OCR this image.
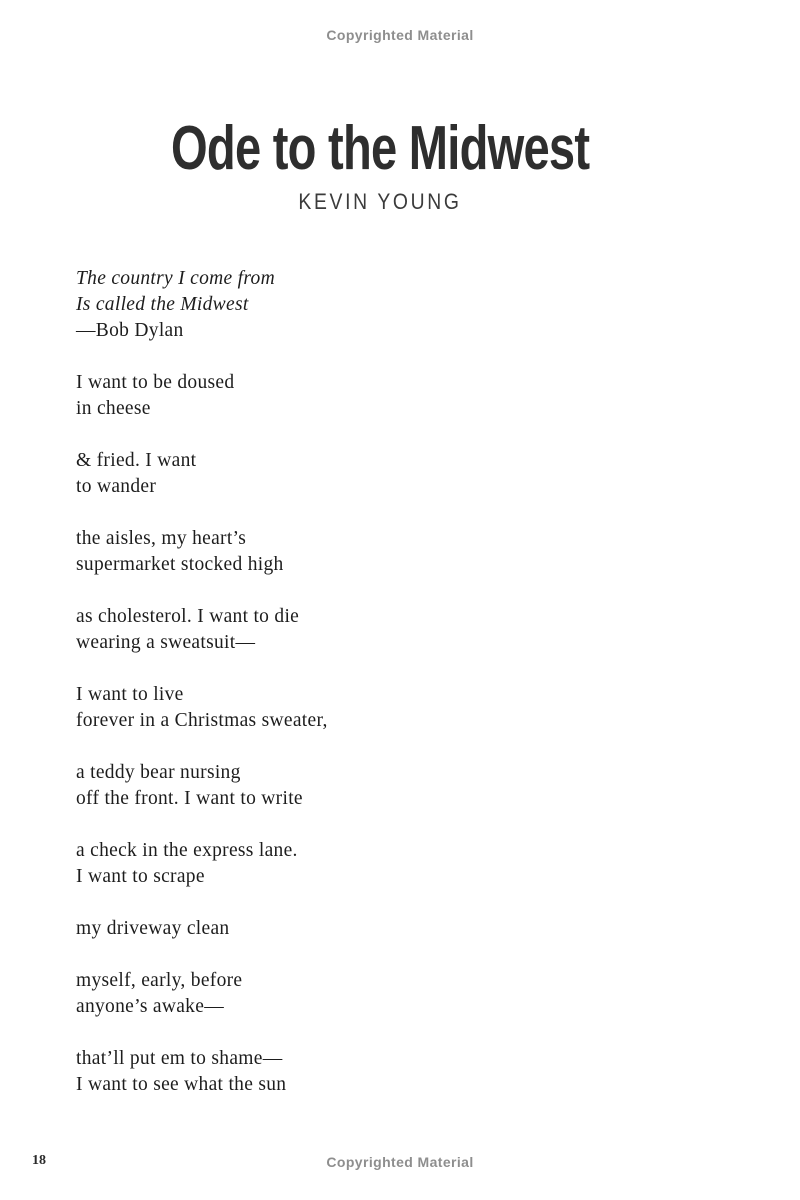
Copyrighted Material
Ode to the Midwest
KEVIN YOUNG
The country I come from
Is called the Midwest
—Bob Dylan
I want to be doused
in cheese
& fried. I want
to wander
the aisles, my heart’s
supermarket stocked high
as cholesterol. I want to die
wearing a sweatsuit—
I want to live
forever in a Christmas sweater,
a teddy bear nursing
off the front. I want to write
a check in the express lane.
I want to scrape
my driveway clean
myself, early, before
anyone’s awake—
that’ll put em to shame—
I want to see what the sun
18	Copyrighted Material
